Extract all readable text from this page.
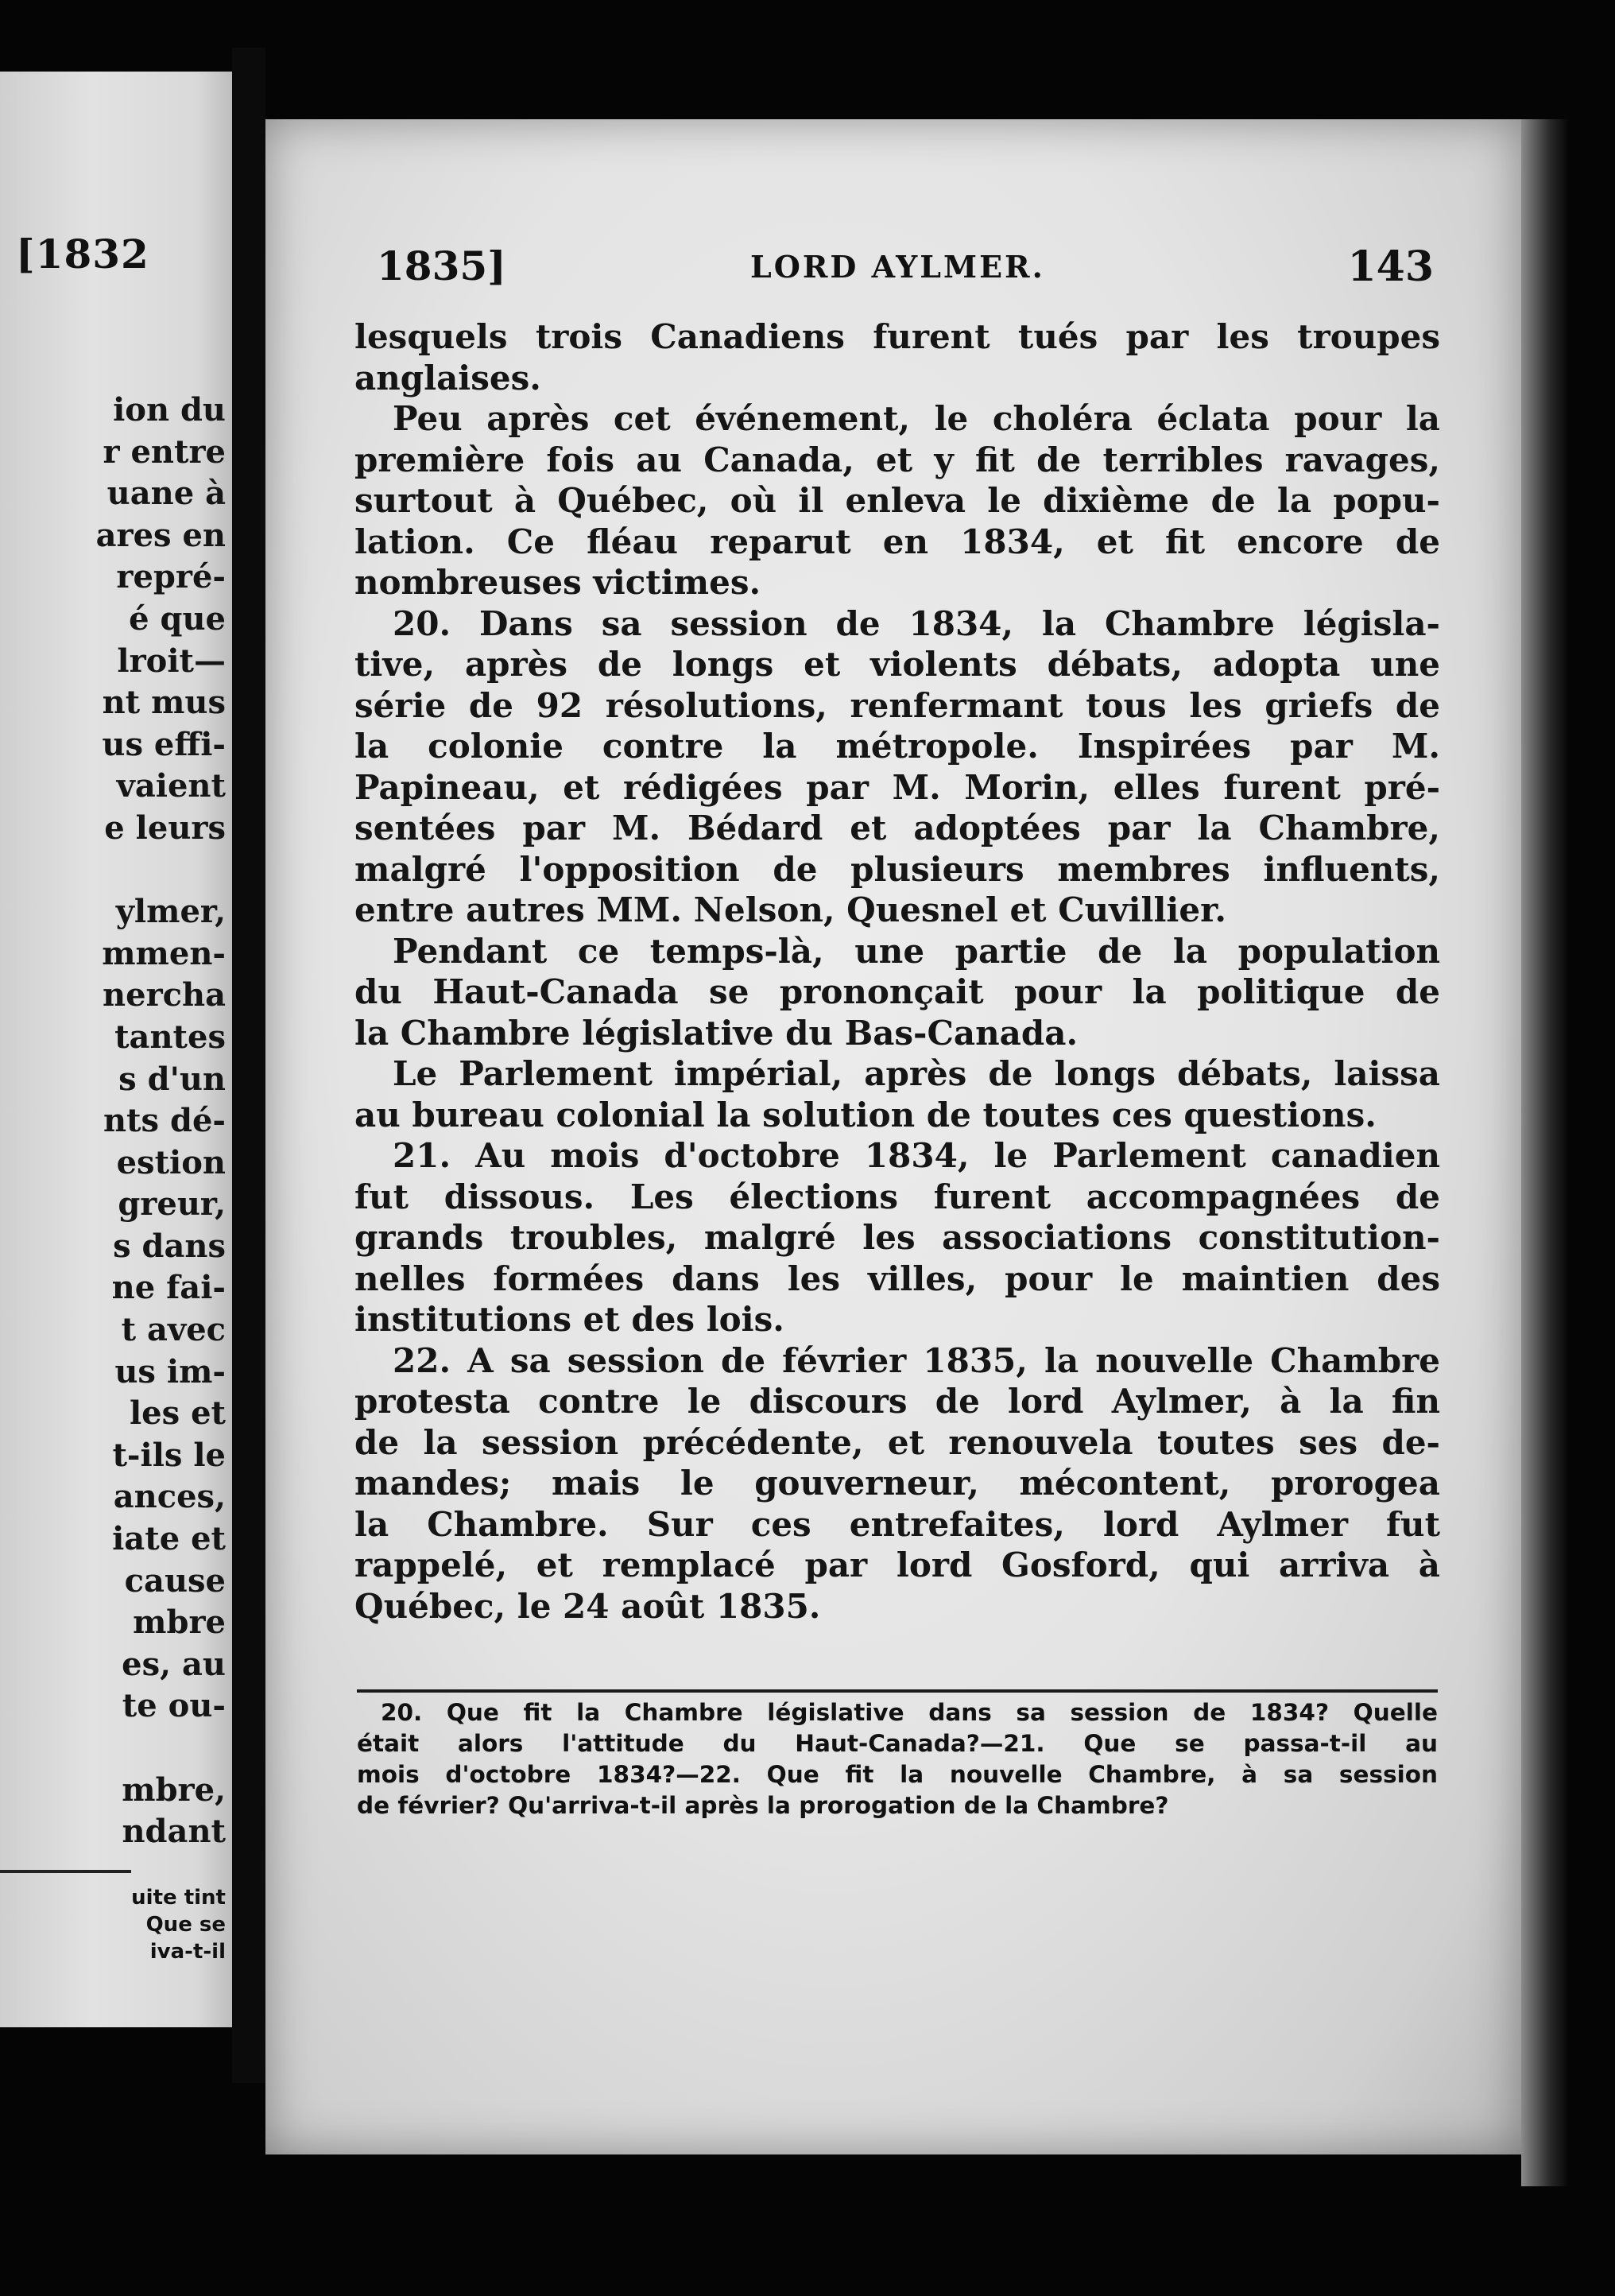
[1832
ion du
r entre
uane à
ares en
repré-
é que
lroit—
nt mus
us effi-
vaient
e leurs
ylmer,
mmen-
nercha
tantes
s d'un
nts dé-
estion
greur,
s dans
ne fai-
t avec
us im-
les et
t-ils le
ances,
iate et
cause
mbre
es, au
te ou-
mbre,
ndant
uite tint
Que se
iva-t-il
1835]	LORD AYLMER.	143
lesquels trois Canadiens furent tués par les troupes
anglaises.
Peu après cet événement, le choléra éclata pour la
première fois au Canada, et y fit de terribles ravages,
surtout à Québec, où il enleva le dixième de la popu-
lation. Ce fléau reparut en 1834, et fit encore de
nombreuses victimes.
20. Dans sa session de 1834, la Chambre législa-
tive, après de longs et violents débats, adopta une
série de 92 résolutions, renfermant tous les griefs de
la colonie contre la métropole. Inspirées par M.
Papineau, et rédigées par M. Morin, elles furent pré-
sentées par M. Bédard et adoptées par la Chambre,
malgré l'opposition de plusieurs membres influents,
entre autres MM. Nelson, Quesnel et Cuvillier.
Pendant ce temps-là, une partie de la population
du Haut-Canada se prononçait pour la politique de
la Chambre législative du Bas-Canada.
Le Parlement impérial, après de longs débats, laissa
au bureau colonial la solution de toutes ces questions.
21. Au mois d'octobre 1834, le Parlement canadien
fut dissous. Les élections furent accompagnées de
grands troubles, malgré les associations constitution-
nelles formées dans les villes, pour le maintien des
institutions et des lois.
22. A sa session de février 1835, la nouvelle Chambre
protesta contre le discours de lord Aylmer, à la fin
de la session précédente, et renouvela toutes ses de-
mandes; mais le gouverneur, mécontent, prorogea
la Chambre. Sur ces entrefaites, lord Aylmer fut
rappelé, et remplacé par lord Gosford, qui arriva à
Québec, le 24 août 1835.
20. Que fit la Chambre législative dans sa session de 1834? Quelle
était alors l'attitude du Haut-Canada?—21. Que se passa-t-il au
mois d'octobre 1834?—22. Que fit la nouvelle Chambre, à sa session
de février? Qu'arriva-t-il après la prorogation de la Chambre?
